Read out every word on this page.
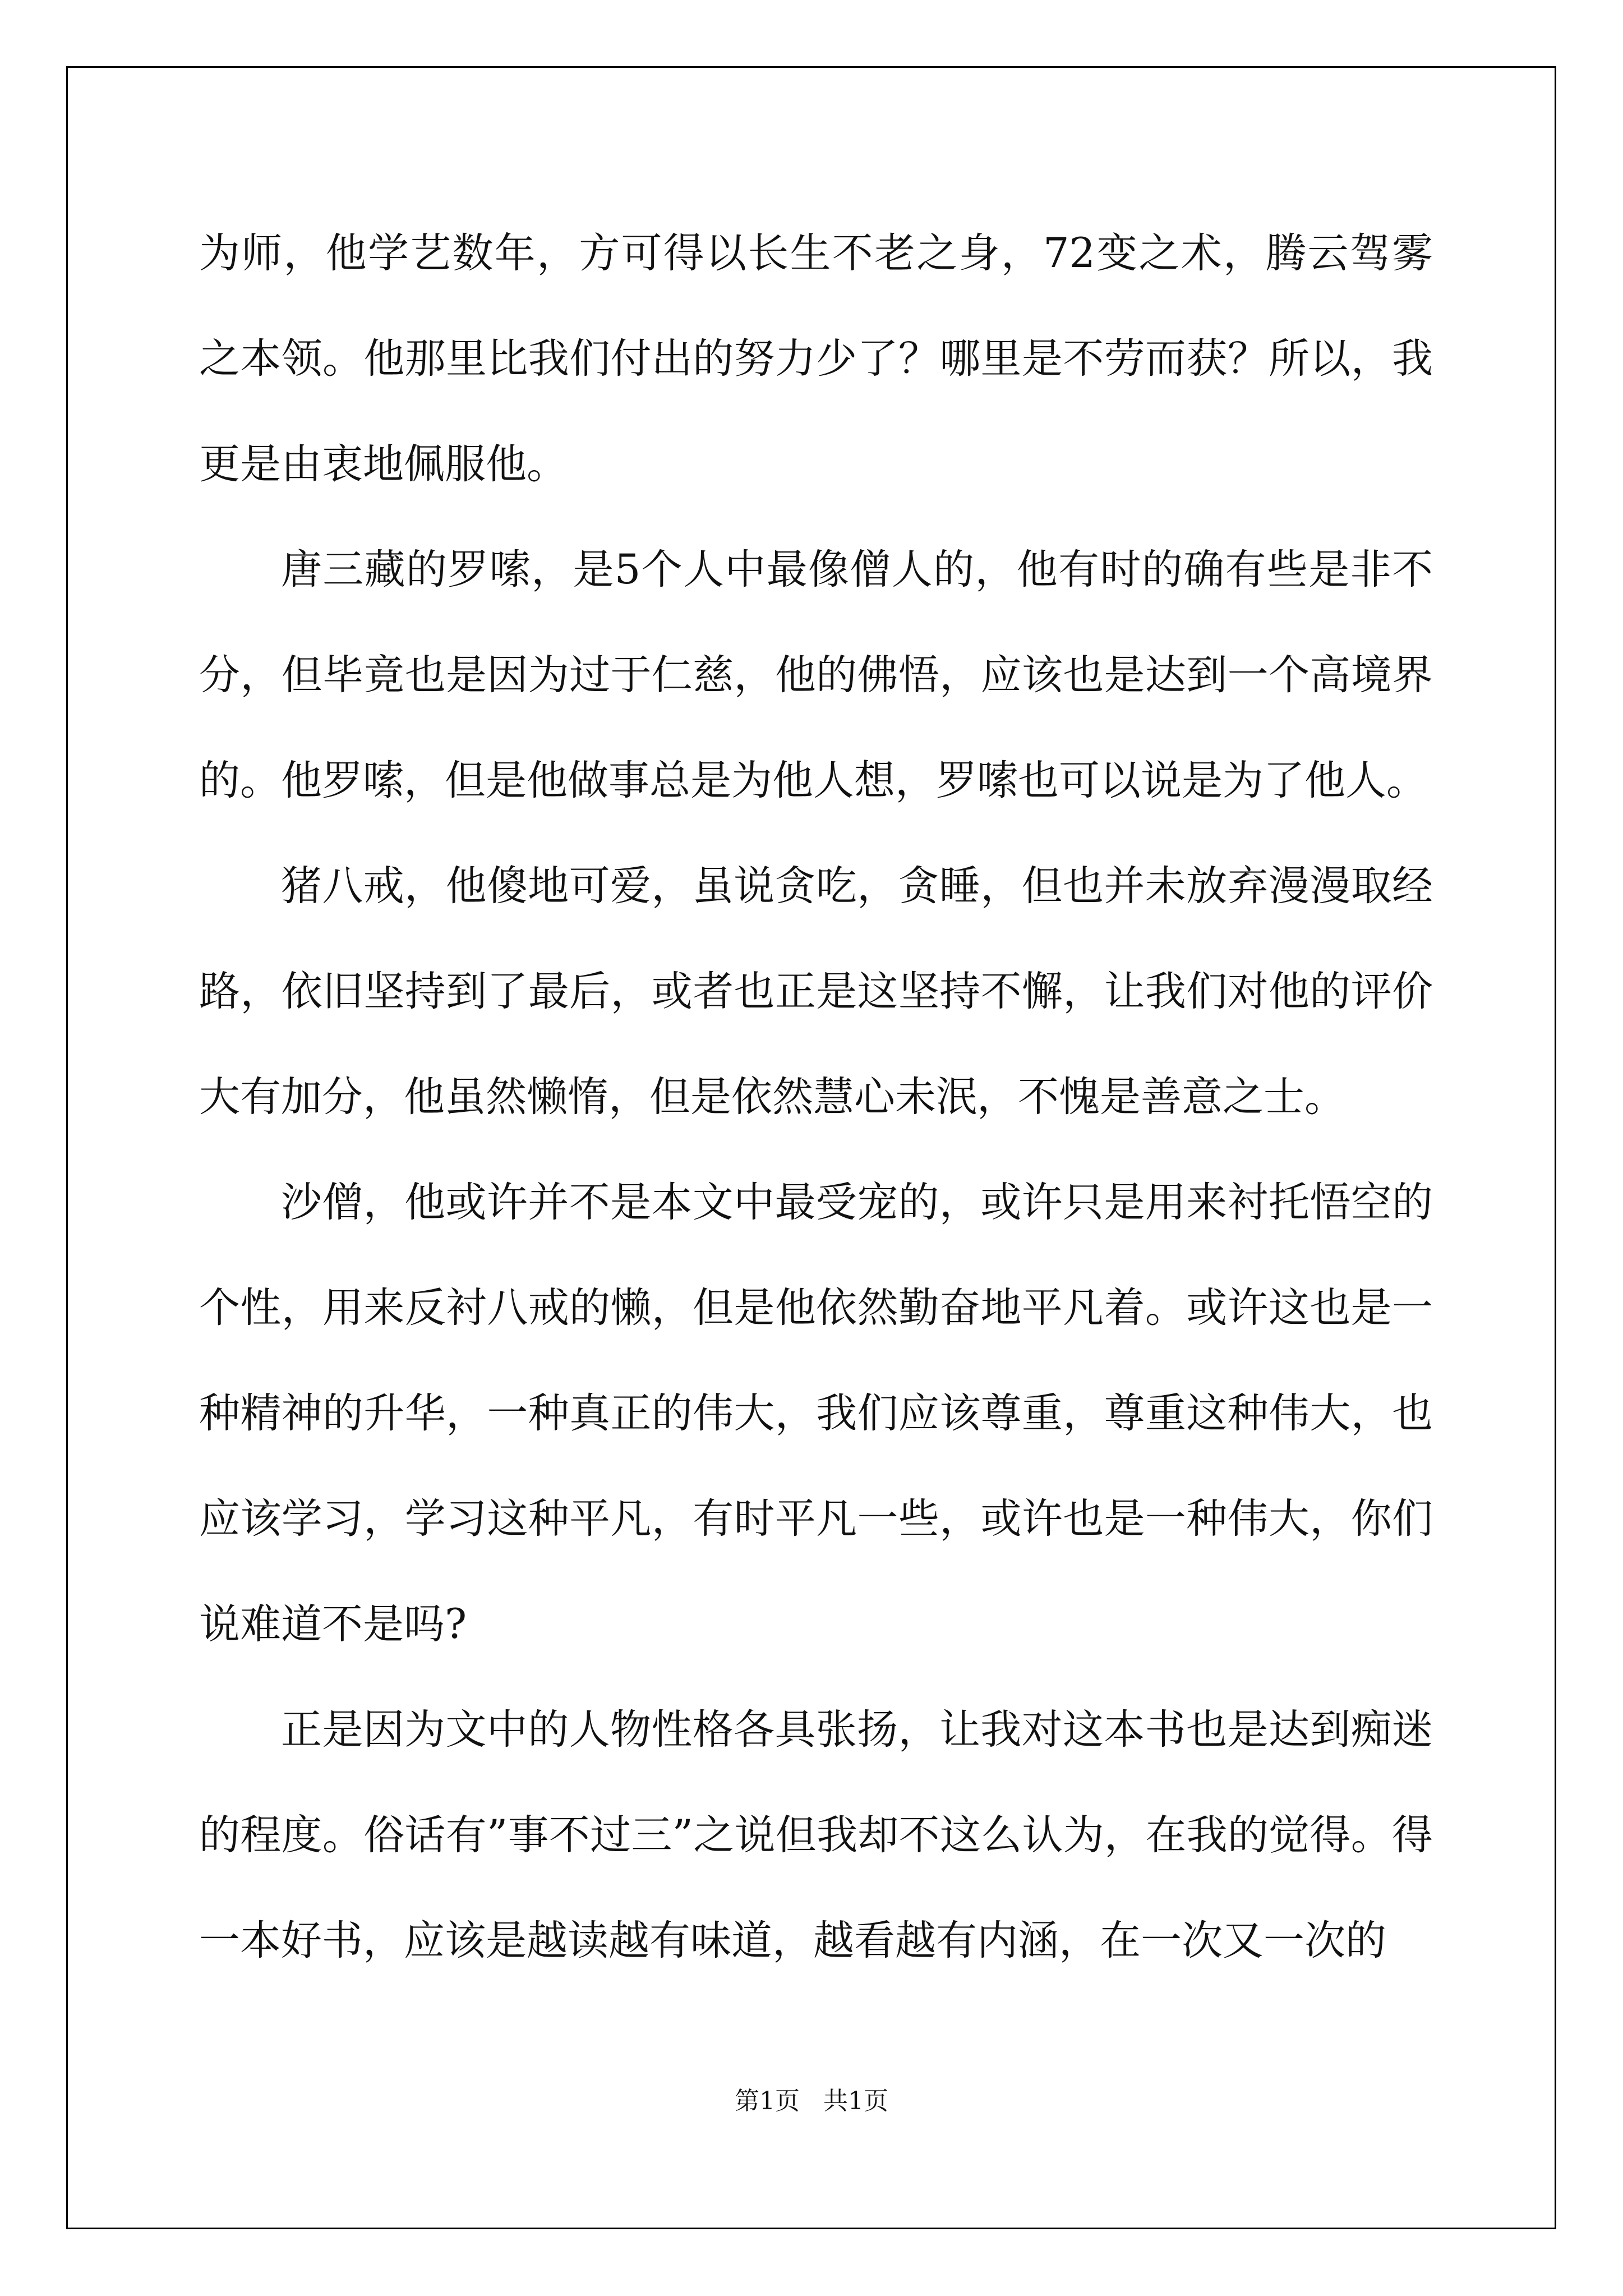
为师，他学艺数年，方可得以长生不老之身，72变之术，腾云驾雾之本领。他那里比我们付出的努力少了？哪里是不劳而获？所以，我更是由衷地佩服他。

唐三藏的罗嗦，是5个人中最像僧人的，他有时的确有些是非不分，但毕竟也是因为过于仁慈，他的佛悟，应该也是达到一个高境界的。他罗嗦，但是他做事总是为他人想，罗嗦也可以说是为了他人。

猪八戒，他傻地可爱，虽说贪吃，贪睡，但也并未放弃漫漫取经路，依旧坚持到了最后，或者也正是这坚持不懈，让我们对他的评价大有加分，他虽然懒惰，但是依然慧心未泯，不愧是善意之士。

沙僧，他或许并不是本文中最受宠的，或许只是用来衬托悟空的个性，用来反衬八戒的懒，但是他依然勤奋地平凡着。或许这也是一种精神的升华，一种真正的伟大，我们应该尊重，尊重这种伟大，也应该学习，学习这种平凡，有时平凡一些，或许也是一种伟大，你们说难道不是吗?

正是因为文中的人物性格各具张扬，让我对这本书也是达到痴迷的程度。俗话有”事不过三”之说但我却不这么认为，在我的觉得。得一本好书，应该是越读越有味道，越看越有内涵，在一次又一次的

第1页   共1页
